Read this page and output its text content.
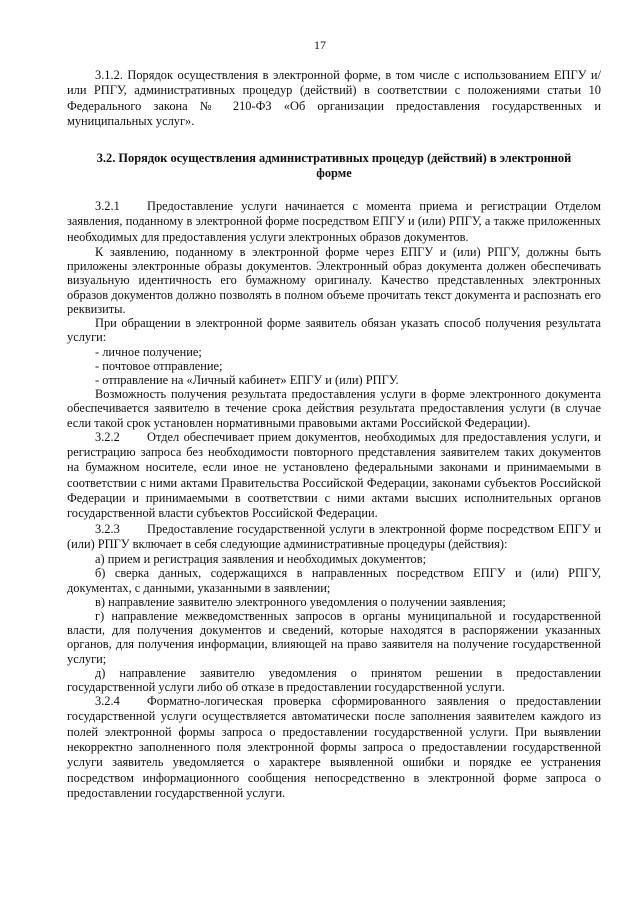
17

3.1.2. Порядок осуществления в электронной форме, в том числе с использованием ЕПГУ и/или РПГУ, административных процедур (действий) в соответствии с положениями статьи 10 Федерального закона № 210-ФЗ «Об организации предоставления государственных и муниципальных услуг».

3.2. Порядок осуществления административных процедур (действий) в электронной форме

3.2.1 Предоставление услуги начинается с момента приема и регистрации Отделом заявления, поданному в электронной форме посредством ЕПГУ и (или) РПГУ, а также приложенных необходимых для предоставления услуги электронных образов документов.

К заявлению, поданному в электронной форме через ЕПГУ и (или) РПГУ, должны быть приложены электронные образы документов. Электронный образ документа должен обеспечивать визуальную идентичность его бумажному оригиналу. Качество представленных электронных образов документов должно позволять в полном объеме прочитать текст документа и распознать его реквизиты.

При обращении в электронной форме заявитель обязан указать способ получения результата услуги:

- личное получение;

- почтовое отправление;

- отправление на «Личный кабинет» ЕПГУ и (или) РПГУ.

Возможность получения результата предоставления услуги в форме электронного документа обеспечивается заявителю в течение срока действия результата предоставления услуги (в случае если такой срок установлен нормативными правовыми актами Российской Федерации).

3.2.2 Отдел обеспечивает прием документов, необходимых для предоставления услуги, и регистрацию запроса без необходимости повторного представления заявителем таких документов на бумажном носителе, если иное не установлено федеральными законами и принимаемыми в соответствии с ними актами Правительства Российской Федерации, законами субъектов Российской Федерации и принимаемыми в соответствии с ними актами высших исполнительных органов государственной власти субъектов Российской Федерации.

3.2.3 Предоставление государственной услуги в электронной форме посредством ЕПГУ и (или) РПГУ включает в себя следующие административные процедуры (действия):

а) прием и регистрация заявления и необходимых документов;

б) сверка данных, содержащихся в направленных посредством ЕПГУ и (или) РПГУ, документах, с данными, указанными в заявлении;

в) направление заявителю электронного уведомления о получении заявления;

г) направление межведомственных запросов в органы муниципальной и государственной власти, для получения документов и сведений, которые находятся в распоряжении указанных органов, для получения информации, влияющей на право заявителя на получение государственной услуги;

д) направление заявителю уведомления о принятом решении в предоставлении государственной услуги либо об отказе в предоставлении государственной услуги.

3.2.4 Форматно-логическая проверка сформированного заявления о предоставлении государственной услуги осуществляется автоматически после заполнения заявителем каждого из полей электронной формы запроса о предоставлении государственной услуги. При выявлении некорректно заполненного поля электронной формы запроса о предоставлении государственной услуги заявитель уведомляется о характере выявленной ошибки и порядке ее устранения посредством информационного сообщения непосредственно в электронной форме запроса о предоставлении государственной услуги.
